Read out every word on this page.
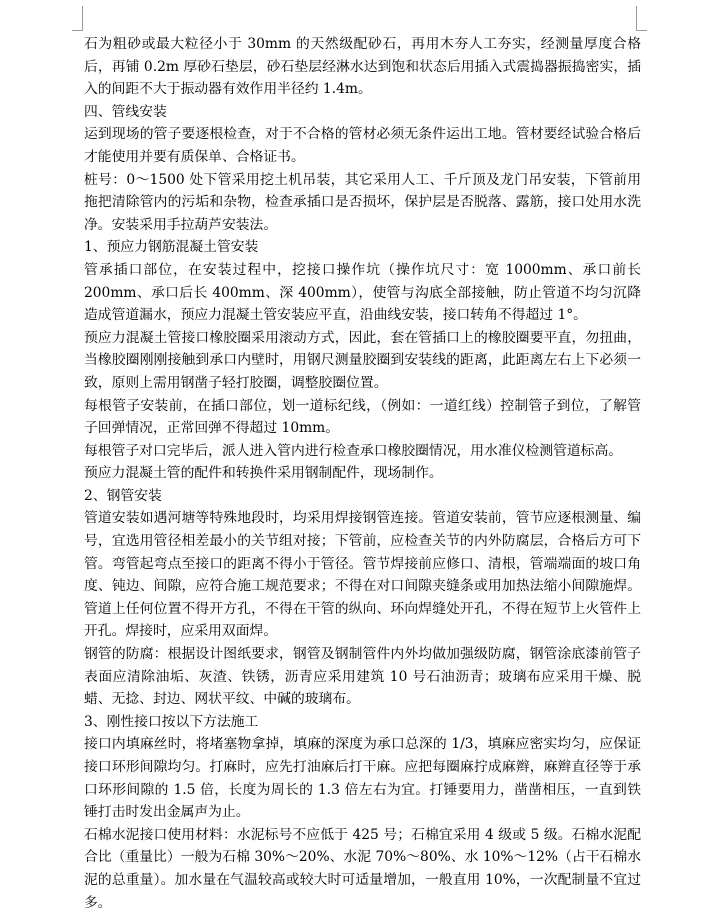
石为粗砂或最大粒径小于 30mm 的天然级配砂石，再用木夯人工夯实，经测量厚度合格后，再铺 0.2m 厚砂石垫层，砂石垫层经淋水达到饱和状态后用插入式震捣器振捣密实，插入的间距不大于振动器有效作用半径约 1.4m。

四、管线安装

运到现场的管子要逐根检查，对于不合格的管材必须无条件运出工地。管材要经试验合格后才能使用并要有质保单、合格证书。

桩号：0～1500 处下管采用挖土机吊装，其它采用人工、千斤顶及龙门吊安装，下管前用拖把清除管内的污垢和杂物，检查承插口是否损坏，保护层是否脱落、露筋，接口处用水洗净。安装采用手拉葫芦安装法。

1、预应力钢筋混凝土管安装

管承插口部位，在安装过程中，挖接口操作坑（操作坑尺寸：宽 1000mm、承口前长 200mm、承口后长 400mm、深 400mm），使管与沟底全部接触，防止管道不均匀沉降造成管道漏水，预应力混凝土管安装应平直，沿曲线安装，接口转角不得超过 1°。

预应力混凝土管接口橡胶圈采用滚动方式，因此，套在管插口上的橡胶圈要平直，勿扭曲，当橡胶圈刚刚接触到承口内壁时，用钢尺测量胶圈到安装线的距离，此距离左右上下必须一致，原则上需用钢凿子轻打胶圈，调整胶圈位置。

每根管子安装前，在插口部位，划一道标纪线，（例如：一道红线）控制管子到位，了解管子回弹情况，正常回弹不得超过 10mm。

每根管子对口完毕后，派人进入管内进行检查承口橡胶圈情况，用水准仪检测管道标高。

预应力混凝土管的配件和转换件采用钢制配件，现场制作。

2、钢管安装

管道安装如遇河塘等特殊地段时，均采用焊接钢管连接。管道安装前，管节应逐根测量、编号，宜选用管径相差最小的关节组对接；下管前，应检查关节的内外防腐层，合格后方可下管。弯管起弯点至接口的距离不得小于管径。管节焊接前应修口、清根，管端端面的坡口角度、钝边、间隙，应符合施工规范要求；不得在对口间隙夹缝条或用加热法缩小间隙施焊。管道上任何位置不得开方孔，不得在干管的纵向、环向焊缝处开孔，不得在短节上火管件上开孔。焊接时，应采用双面焊。

钢管的防腐：根据设计图纸要求，钢管及钢制管件内外均做加强级防腐，钢管涂底漆前管子表面应清除油垢、灰渣、铁锈，沥青应采用建筑 10 号石油沥青；玻璃布应采用干燥、脱蜡、无捻、封边、网状平纹、中碱的玻璃布。

3、刚性接口按以下方法施工

接口内填麻丝时，将堵塞物拿掉，填麻的深度为承口总深的 1/3，填麻应密实均匀，应保证接口环形间隙均匀。打麻时，应先打油麻后打干麻。应把每圈麻拧成麻辫，麻辫直径等于承口环形间隙的 1.5 倍，长度为周长的 1.3 倍左右为宜。打锤要用力，凿凿相压，一直到铁锤打击时发出金属声为止。

石棉水泥接口使用材料：水泥标号不应低于 425 号；石棉宜采用 4 级或 5 级。石棉水泥配合比（重量比）一般为石棉 30%～20%、水泥 70%～80%、水 10%～12%（占干石棉水泥的总重量）。加水量在气温较高或较大时可适量增加，一般直用 10%，一次配制量不宜过多。
